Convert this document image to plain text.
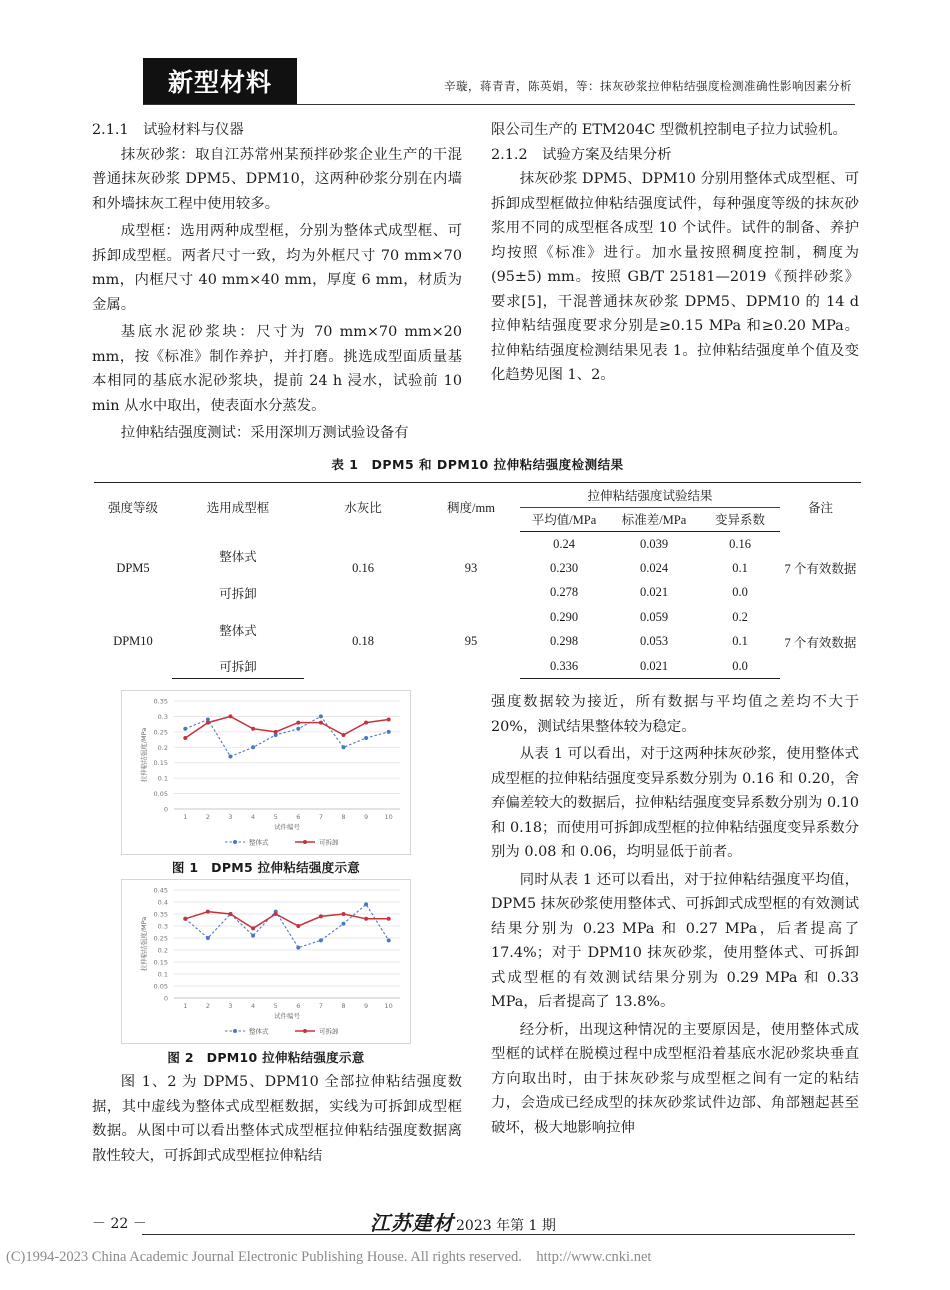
新型材料	辛璇，蒋青青，陈英娟，等：抹灰砂浆拉伸粘结强度检测准确性影响因素分析

2.1.1　试验材料与仪器

抹灰砂浆：取自江苏常州某预拌砂浆企业生产的干混普通抹灰砂浆 DPM5、DPM10，这两种砂浆分别在内墙和外墙抹灰工程中使用较多。

成型框：选用两种成型框，分别为整体式成型框、可拆卸成型框。两者尺寸一致，均为外框尺寸 70 mm×70 mm，内框尺寸 40 mm×40 mm，厚度 6 mm，材质为金属。

基底水泥砂浆块：尺寸为 70 mm×70 mm×20 mm，按《标准》制作养护，并打磨。挑选成型面质量基本相同的基底水泥砂浆块，提前 24 h 浸水，试验前 10 min 从水中取出，使表面水分蒸发。

拉伸粘结强度测试：采用深圳万测试验设备有

限公司生产的 ETM204C 型微机控制电子拉力试验机。

2.1.2　试验方案及结果分析

抹灰砂浆 DPM5、DPM10 分别用整体式成型框、可拆卸成型框做拉伸粘结强度试件，每种强度等级的抹灰砂浆用不同的成型框各成型 10 个试件。试件的制备、养护均按照《标准》进行。加水量按照稠度控制，稠度为(95±5) mm。按照 GB/T 25181—2019《预拌砂浆》要求[5]，干混普通抹灰砂浆 DPM5、DPM10 的 14 d 拉伸粘结强度要求分别是≥0.15 MPa 和≥0.20 MPa。拉伸粘结强度检测结果见表 1。拉伸粘结强度单个值及变化趋势见图 1、2。

表 1　DPM5 和 DPM10 拉伸粘结强度检测结果
强度等级	选用成型框	水灰比	稠度/mm	拉伸粘结强度试验结果			备注
				平均值/MPa	标准差/MPa	变异系数	
DPM5	整体式	0.16	93	0.24	0.039	0.16	7 个有效数据
				0.230	0.024	0.1	
	可拆卸			0.278	0.021	0.0	
DPM10	整体式	0.18	95	0.290	0.059	0.2	7 个有效数据
				0.298	0.053	0.1	
	可拆卸			0.336	0.021	0.0	
0
0.05
0.1
0.15
0.2
0.25
0.3
0.35
1	2	3	4	5	6	7	8	9	10
试件编号
拉伸粘结强度/MPa
整体式	可拆卸
图 1　DPM5 拉伸粘结强度示意
0
0.05
0.1
0.15
0.2
0.25
0.3
0.35
0.4
0.45
1	2	3	4	5	6	7	8	9	10
试件编号
拉伸粘结强度/MPa
整体式	可拆卸
图 2　DPM10 拉伸粘结强度示意

图 1、2 为 DPM5、DPM10 全部拉伸粘结强度数据，其中虚线为整体式成型框数据，实线为可拆卸成型框数据。从图中可以看出整体式成型框拉伸粘结强度数据离散性较大，可拆卸式成型框拉伸粘结

强度数据较为接近，所有数据与平均值之差均不大于 20%，测试结果整体较为稳定。

从表 1 可以看出，对于这两种抹灰砂浆，使用整体式成型框的拉伸粘结强度变异系数分别为 0.16 和 0.20，舍弃偏差较大的数据后，拉伸粘结强度变异系数分别为 0.10 和 0.18；而使用可拆卸成型框的拉伸粘结强度变异系数分别为 0.08 和 0.06，均明显低于前者。

同时从表 1 还可以看出，对于拉伸粘结强度平均值，DPM5 抹灰砂浆使用整体式、可拆卸式成型框的有效测试结果分别为 0.23 MPa 和 0.27 MPa，后者提高了 17.4%；对于 DPM10 抹灰砂浆，使用整体式、可拆卸式成型框的有效测试结果分别为 0.29 MPa 和 0.33 MPa，后者提高了 13.8%。

经分析，出现这种情况的主要原因是，使用整体式成型框的试样在脱模过程中成型框沿着基底水泥砂浆块垂直方向取出时，由于抹灰砂浆与成型框之间有一定的粘结力，会造成已经成型的抹灰砂浆试件边部、角部翘起甚至破坏，极大地影响拉伸

－ 22 －	江苏建材 2023 年第 1 期
(C)1994-2023 China Academic Journal Electronic Publishing House. All rights reserved.　http://www.cnki.net
